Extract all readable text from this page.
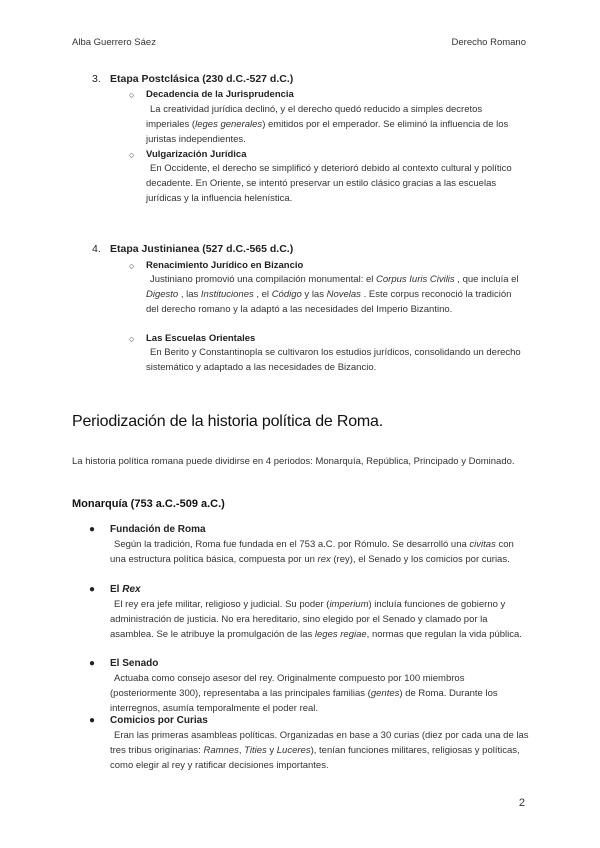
Alba Guerrero Sáez	Derecho Romano
3. Etapa Postclásica (230 d.C.-527 d.C.)
○ Decadencia de la Jurisprudencia
La creatividad jurídica declinó, y el derecho quedó reducido a simples decretos imperiales (leges generales) emitidos por el emperador. Se eliminó la influencia de los juristas independientes.
○ Vulgarización Jurídica
En Occidente, el derecho se simplificó y deterioró debido al contexto cultural y político decadente. En Oriente, se intentó preservar un estilo clásico gracias a las escuelas jurídicas y la influencia helenística.
4. Etapa Justinianea (527 d.C.-565 d.C.)
○ Renacimiento Jurídico en Bizancio
Justiniano promovió una compilación monumental: el Corpus Iuris Civilis , que incluía el Digesto , las Instituciones , el Código y las Novelas . Este corpus reconoció la tradición del derecho romano y la adaptó a las necesidades del Imperio Bizantino.
○ Las Escuelas Orientales
En Berito y Constantinopla se cultivaron los estudios jurídicos, consolidando un derecho sistemático y adaptado a las necesidades de Bizancio.
Periodización de la historia política de Roma.
La historia política romana puede dividirse en 4 periodos: Monarquía, República, Principado y Dominado.
Monarquía (753 a.C.-509 a.C.)
● Fundación de Roma
Según la tradición, Roma fue fundada en el 753 a.C. por Rómulo. Se desarrolló una civitas con una estructura política básica, compuesta por un rex (rey), el Senado y los comicios por curias.
● El Rex
El rey era jefe militar, religioso y judicial. Su poder (imperium) incluía funciones de gobierno y administración de justicia. No era hereditario, sino elegido por el Senado y clamado por la asamblea. Se le atribuye la promulgación de las leges regiae, normas que regulan la vida pública.
● El Senado
Actuaba como consejo asesor del rey. Originalmente compuesto por 100 miembros (posteriormente 300), representaba a las principales familias (gentes) de Roma. Durante los interregnos, asumía temporalmente el poder real.
● Comicios por Curias
Eran las primeras asambleas políticas. Organizadas en base a 30 curias (diez por cada una de las tres tribus originarias: Ramnes, Tities y Luceres), tenían funciones militares, religiosas y políticas, como elegir al rey y ratificar decisiones importantes.
2
